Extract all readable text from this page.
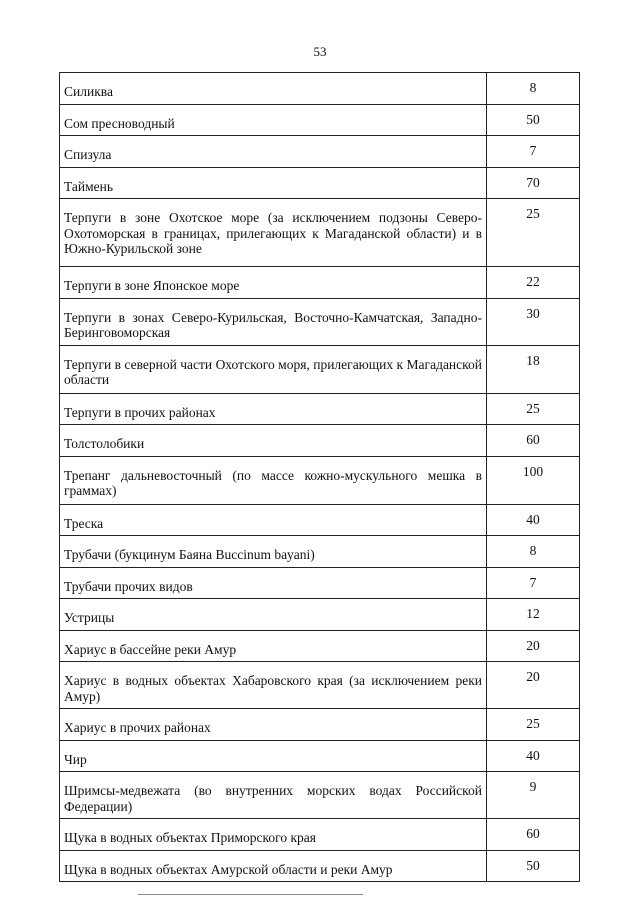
53
Силиква	8
Сом пресноводный	50
Спизула	7
Таймень	70
Терпуги в зоне Охотское море (за исключением подзоны Северо-Охотоморская в границах, прилегающих к Магаданской области) и в Южно-Курильской зоне	25
Терпуги в зоне Японское море	22
Терпуги в зонах Северо-Курильская, Восточно-Камчатская, Западно-Беринговоморская	30
Терпуги в северной части Охотского моря, прилегающих к Магаданской области	18
Терпуги в прочих районах	25
Толстолобики	60
Трепанг дальневосточный (по массе кожно-мускульного мешка в граммах)	100
Треска	40
Трубачи (букцинум Баяна Buccinum bayani)	8
Трубачи прочих видов	7
Устрицы	12
Хариус в бассейне реки Амур	20
Хариус в водных объектах Хабаровского края (за исключением реки Амур)	20
Хариус в прочих районах	25
Чир	40
Шримсы-медвежата (во внутренних морских водах Российской Федерации)	9
Щука в водных объектах Приморского края	60
Щука в водных объектах Амурской области и реки Амур	50
